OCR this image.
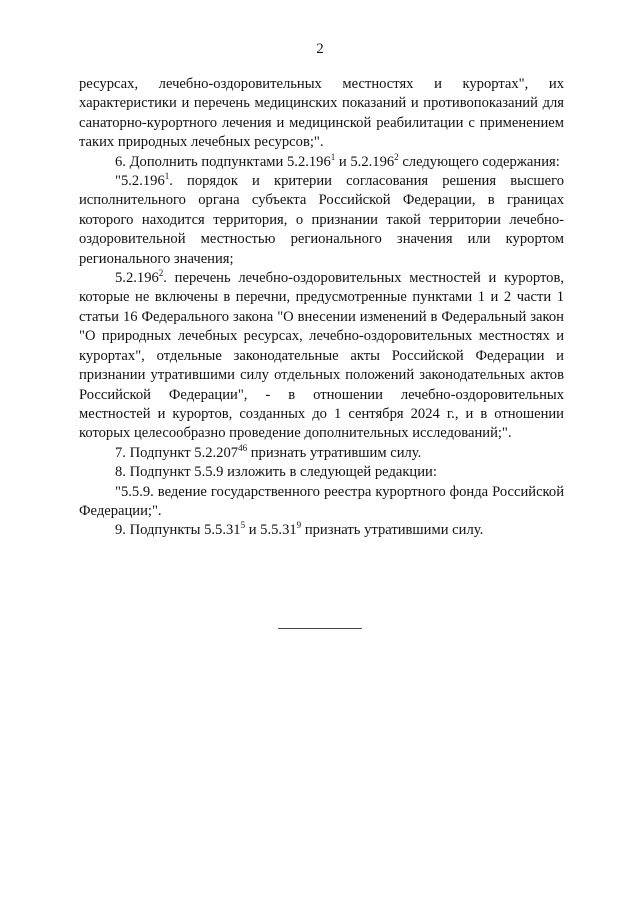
2

ресурсах, лечебно-оздоровительных местностях и курортах", их характеристики и перечень медицинских показаний и противопоказаний для санаторно-курортного лечения и медицинской реабилитации с применением таких природных лечебных ресурсов;".

6. Дополнить подпунктами 5.2.196$^1$ и 5.2.196$^2$ следующего содержания:

"5.2.196$^1$. порядок и критерии согласования решения высшего исполнительного органа субъекта Российской Федерации, в границах которого находится территория, о признании такой территории лечебно-оздоровительной местностью регионального значения или курортом регионального значения;

5.2.196$^2$. перечень лечебно-оздоровительных местностей и курортов, которые не включены в перечни, предусмотренные пунктами 1 и 2 части 1 статьи 16 Федерального закона "О внесении изменений в Федеральный закон "О природных лечебных ресурсах, лечебно-оздоровительных местностях и курортах", отдельные законодательные акты Российской Федерации и признании утратившими силу отдельных положений законодательных актов Российской Федерации", - в отношении лечебно-оздоровительных местностей и курортов, созданных до 1 сентября 2024 г., и в отношении которых целесообразно проведение дополнительных исследований;".

7. Подпункт 5.2.207$^{46}$ признать утратившим силу.

8. Подпункт 5.5.9 изложить в следующей редакции:

"5.5.9. ведение государственного реестра курортного фонда Российской Федерации;".

9. Подпункты 5.5.31$^5$ и 5.5.31$^9$ признать утратившими силу.
